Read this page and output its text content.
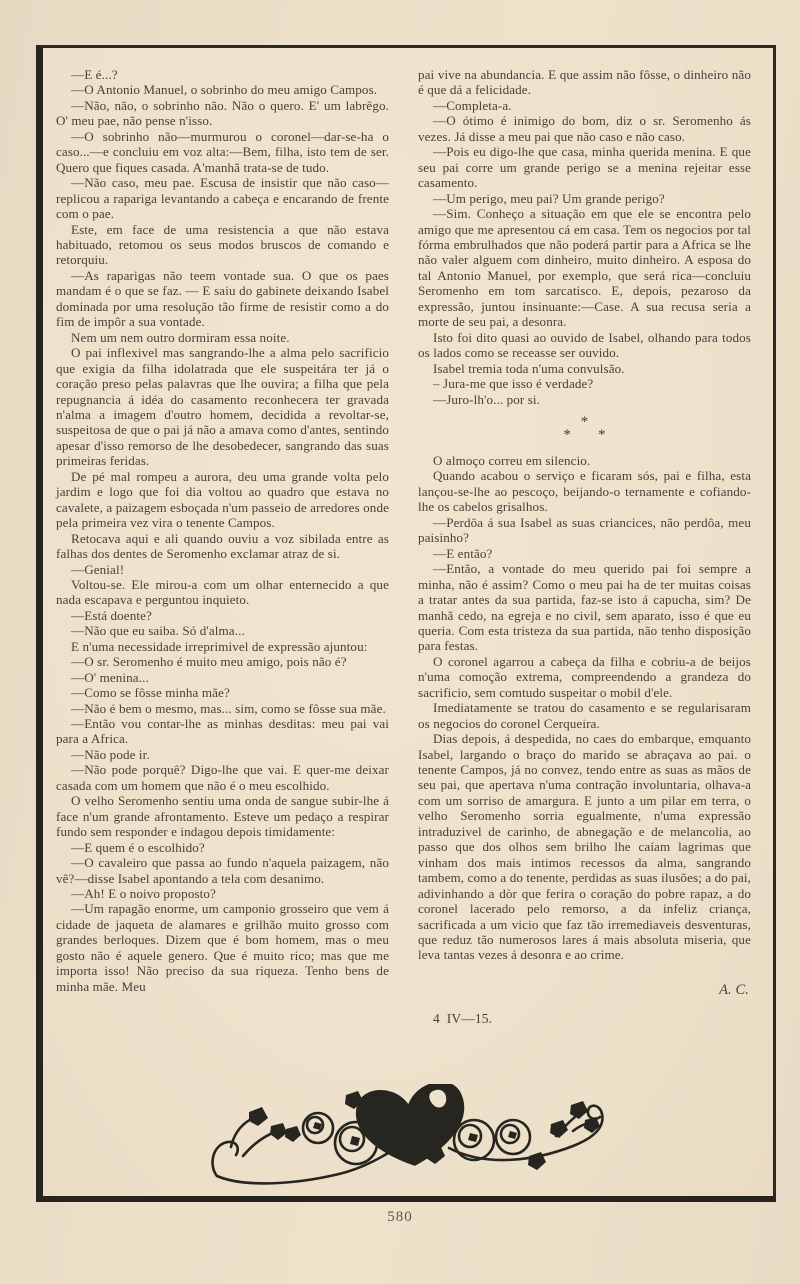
—E é...?

—O Antonio Manuel, o sobrinho do meu amigo Campos.

—Não, não, o sobrinho não. Não o quero. E' um labrêgo. O' meu pae, não pense n'isso.

—O sobrinho não—murmurou o coronel—dar-se-ha o caso...—e concluiu em voz alta:—Bem, filha, isto tem de ser. Quero que fiques casada. A'manhã trata-se de tudo.

—Não caso, meu pae. Escusa de insistir que não caso—replicou a rapariga levantando a cabeça e encarando de frente com o pae.

Este, em face de uma resistencia a que não estava habituado, retomou os seus modos bruscos de comando e retorquiu.

—As raparigas não teem vontade sua. O que os paes mandam é o que se faz. — E saiu do gabinete deixando Isabel dominada por uma resolução tão firme de resistir como a do fim de impôr a sua vontade.

Nem um nem outro dormiram essa noite.

O pai inflexivel mas sangrando-lhe a alma pelo sacrificio que exigia da filha idolatrada que ele suspeitára ter já o coração preso pelas palavras que lhe ouvira; a filha que pela repugnancia á idéa do casamento reconhecera ter gravada n'alma a imagem d'outro homem, decidida a revoltar-se, suspeitosa de que o pai já não a amava como d'antes, sentindo apesar d'isso remorso de lhe desobedecer, sangrando das suas primeiras feridas.

De pé mal rompeu a aurora, deu uma grande volta pelo jardim e logo que foi dia voltou ao quadro que estava no cavalete, a paizagem esboçada n'um passeio de arredores onde pela primeira vez vira o tenente Campos.

Retocava aqui e ali quando ouviu a voz sibilada entre as falhas dos dentes de Seromenho exclamar atraz de si.

—Genial!

Voltou-se. Ele mirou-a com um olhar enternecido a que nada escapava e perguntou inquieto.

—Está doente?

—Não que eu saiba. Só d'alma...

E n'uma necessidade irreprimivel de expressão ajuntou:

—O sr. Seromenho é muito meu amigo, pois não é?

—O' menina...

—Como se fôsse minha mãe?

—Não é bem o mesmo, mas... sim, como se fôsse sua mãe.

—Então vou contar-lhe as minhas desditas: meu pai vai para a Africa.

—Não pode ir.

—Não pode porquê? Digo-lhe que vai. E quer-me deixar casada com um homem que não é o meu escolhido.

O velho Seromenho sentiu uma onda de sangue subir-lhe á face n'um grande afrontamento. Esteve um pedaço a respirar fundo sem responder e indagou depois timidamente:

—E quem é o escolhido?

—O cavaleiro que passa ao fundo n'aquela paizagem, não vê?—disse Isabel apontando a tela com desanimo.

—Ah! E o noivo proposto?

—Um rapagão enorme, um camponio grosseiro que vem á cidade de jaqueta de alamares e grilhão muito grosso com grandes berloques. Dizem que é bom homem, mas o meu gosto não é aquele genero. Que é muito rico; mas que me importa isso! Não preciso da sua riqueza. Tenho bens de minha mãe. Meu

pai vive na abundancia. E que assim não fôsse, o dinheiro não é que dá a felicidade.

—Completa-a.

—O ótimo é inimigo do bom, diz o sr. Seromenho ás vezes. Já disse a meu pai que não caso e não caso.

—Pois eu digo-lhe que casa, minha querida menina. E que seu pai corre um grande perigo se a menina rejeitar esse casamento.

—Um perigo, meu pai? Um grande perigo?

—Sim. Conheço a situação em que ele se encontra pelo amigo que me apresentou cá em casa. Tem os negocios por tal fórma embrulhados que não poderá partir para a Africa se lhe não valer alguem com dinheiro, muito dinheiro. A esposa do tal Antonio Manuel, por exemplo, que será rica—concluiu Seromenho em tom sarcatisco. E, depois, pezaroso da expressão, juntou insinuante:—Case. A sua recusa seria a morte de seu pai, a desonra.

Isto foi dito quasi ao ouvido de Isabel, olhando para todos os lados como se receasse ser ouvido.

Isabel tremia toda n'uma convulsão.

– Jura-me que isso é verdade?

—Juro-lh'o... por si.

*
* *

O almoço correu em silencio.

Quando acabou o serviço e ficaram sós, pai e filha, esta lançou-se-lhe ao pescoço, beijando-o ternamente e cofiando-lhe os cabelos grisalhos.

—Perdôa á sua Isabel as suas criancices, não perdôa, meu paisinho?

—E então?

—Então, a vontade do meu querido pai foi sempre a minha, não é assim? Como o meu pai ha de ter muitas coisas a tratar antes da sua partida, faz-se isto á capucha, sim? De manhã cedo, na egreja e no civil, sem aparato, isso é que eu queria. Com esta tristeza da sua partida, não tenho disposição para festas.

O coronel agarrou a cabeça da filha e cobriu-a de beijos n'uma comoção extrema, compreendendo a grandeza do sacrificio, sem comtudo suspeitar o mobil d'ele.

Imediatamente se tratou do casamento e se regularisaram os negocios do coronel Cerqueira.

Dias depois, á despedida, no caes do embarque, emquanto Isabel, largando o braço do marido se abraçava ao pai. o tenente Campos, já no convez, tendo entre as suas as mãos de seu pai, que apertava n'uma contração involuntaria, olhava-a com um sorriso de amargura. E junto a um pilar em terra, o velho Seromenho sorria egualmente, n'uma expressão intraduzivel de carinho, de abnegação e de melancolia, ao passo que dos olhos sem brilho lhe caíam lagrimas que vinham dos mais intimos recessos da alma, sangrando tambem, como a do tenente, perdidas as suas ilusões; a do pai, adivinhando a dòr que ferira o coração do pobre rapaz, a do coronel lacerado pelo remorso, a da infeliz criança, sacrificada a um vicio que faz tão irremediaveis desventuras, que reduz tão numerosos lares á mais absoluta miseria, que leva tantas vezes á desonra e ao crime.

A. C.

4  IV—15.

580
